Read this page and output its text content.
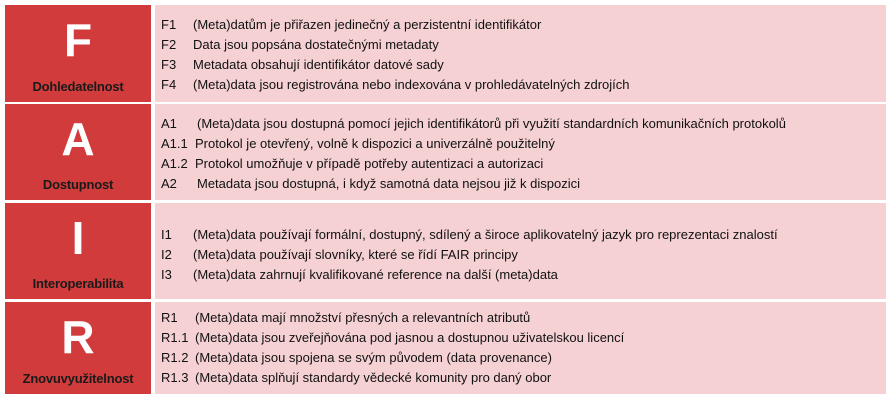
F
Dohledatelnost
F1 (Meta)datům je přiřazen jedinečný a perzistentní identifikátor
F2 Data jsou popsána dostatečnými metadaty
F3 Metadata obsahují identifikátor datové sady
F4 (Meta)data jsou registrována nebo indexována v prohledávatelných zdrojích
A
Dostupnost
A1 (Meta)data jsou dostupná pomocí jejich identifikátorů při využití standardních komunikačních protokolů
A1.1 Protokol je otevřený, volně k dispozici a univerzálně použitelný
A1.2 Protokol umožňuje v případě potřeby autentizaci a autorizaci
A2 Metadata jsou dostupná, i když samotná data nejsou již k dispozici
I
Interoperabilita
I1 (Meta)data používají formální, dostupný, sdílený a široce aplikovatelný jazyk pro reprezentaci znalostí
I2 (Meta)data používají slovníky, které se řídí FAIR principy
I3 (Meta)data zahrnují kvalifikované reference na další (meta)data
R
Znovuvyužitelnost
R1 (Meta)data mají množství přesných a relevantních atributů
R1.1 (Meta)data jsou zveřejňována pod jasnou a dostupnou uživatelskou licencí
R1.2 (Meta)data jsou spojena se svým původem (data provenance)
R1.3 (Meta)data splňují standardy vědecké komunity pro daný obor
